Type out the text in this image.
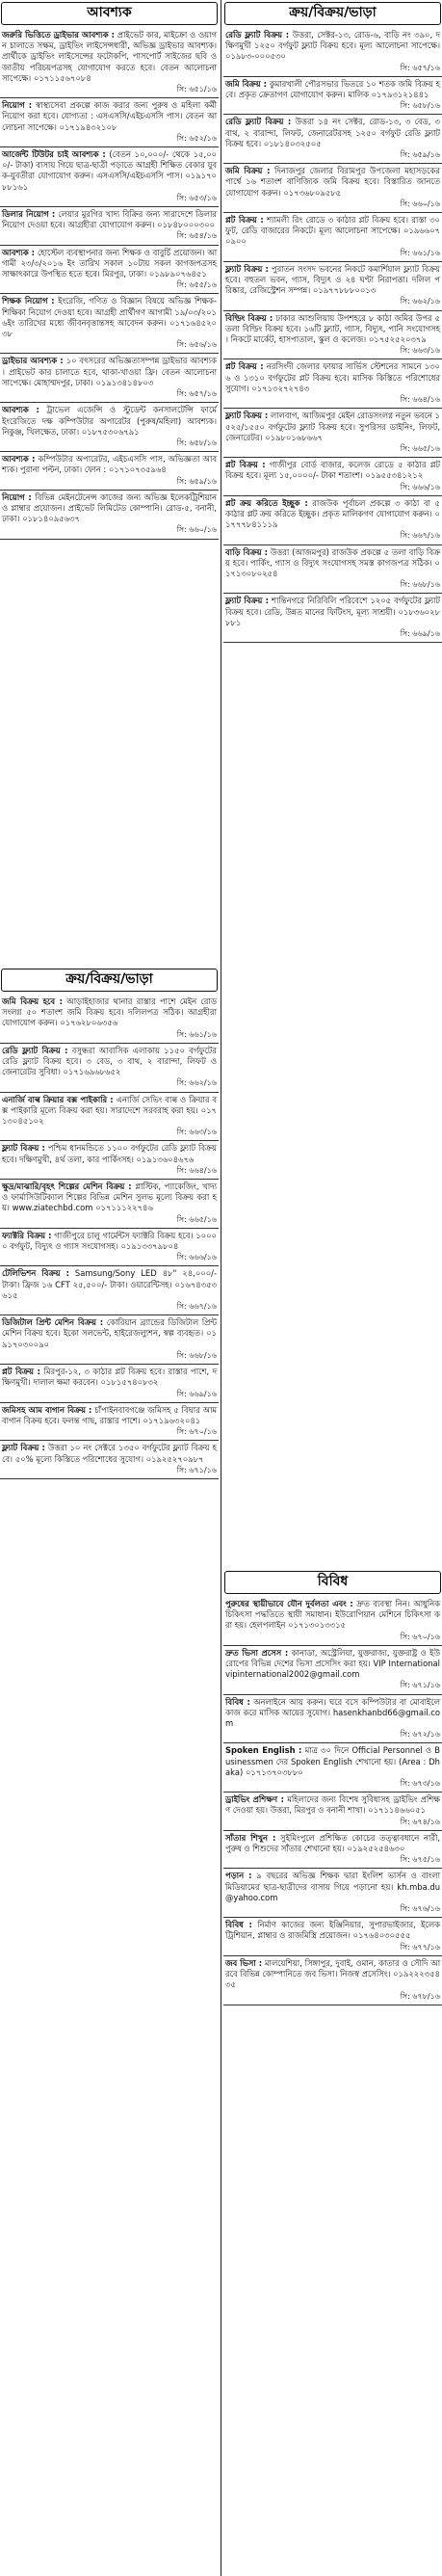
আবশ্যক
জরুরি ভিত্তিতে ড্রাইভার আবশ্যক : প্রাইভেট কার, মাইক্রো ও ওয়াগন চালাতে সক্ষম, ড্রাইভিং লাইসেন্সধারী, অভিজ্ঞ ড্রাইভার আবশ্যক। প্রার্থীকে ড্রাইভিং লাইসেন্সের ফটোকপি, পাসপোর্ট সাইজের ছবি ও জাতীয় পরিচয়পত্রসহ যোগাযোগ করতে হবে। বেতন আলোচনা সাপেক্ষে। ০১৭১১৫৬৭০৮৪
সি: ৬৫১/১৬
নিয়োগ : স্বাস্থ্যসেবা প্রকল্পে কাজ করার জন্য পুরুষ ও মহিলা কর্মী নিয়োগ করা হবে। যোগ্যতা : এসএসসি/এইচএসসি পাস। বেতন আলোচনা সাপেক্ষে। ০১৭১৯৪৩২১০৮
সি: ৬৫২/১৬
আর্জেন্ট টিউটর চাই আবশ্যক : (বেতন ১০,০০০/- থেকে ১৫,০০০/- টাকা) বাসায় গিয়ে ছাত্র-ছাত্রী পড়াতে আগ্রহী শিক্ষিত বেকার যুবক-যুবতীরা যোগাযোগ করুন। এসএসসি/এইচএসসি পাস। ০১৯১৭০৮৮১৬১
সি: ৬৫৩/১৬
ডিলার নিয়োগ : লেয়ার মুরগির খাদ্য বিক্রির জন্য সারাদেশে ডিলার নিয়োগ দেওয়া হবে। আগ্রহীরা যোগাযোগ করুন। ০১৮৪৮০০০৩০০
সি: ৬৫৪/১৬
আবশ্যক : হোস্টেল ব্যবস্থাপনার জন্য শিক্ষক ও বাবুর্চি প্রয়োজন। আগামী ২৩/৩/২০১৬ ইং তারিখ সকাল ১০টায় সকল কাগজপত্রসহ সাক্ষাৎকারে উপস্থিত হতে হবে। মিরপুর, ঢাকা। ০১৯৮৯০৭৬৪৫১
সি: ৬৫৫/১৬
শিক্ষক নিয়োগ : ইংরেজি, গণিত ও বিজ্ঞান বিষয়ে অভিজ্ঞ শিক্ষক-শিক্ষিকা নিয়োগ দেওয়া হবে। আগ্রহী প্রার্থীগণ আগামী ১৯/০৩/২০১৬ইং তারিখের মধ্যে জীবনবৃত্তান্তসহ আবেদন করুন। ০১৭১৬৪৫২০৩৮
সি: ৬৫৬/১৬
ড্রাইভার আবশ্যক : ১০ বৎসরের অভিজ্ঞতাসম্পন্ন ড্রাইভার আবশ্যক। প্রাইভেট কার চালাতে হবে, থাকা-খাওয়া ফ্রি। বেতন আলোচনা সাপেক্ষে। মোহাম্মদপুর, ঢাকা। ০১৯১৩৪১৪৮০৩
সি: ৬৫৭/১৬
আবশ্যক : ট্রাভেল এজেন্সি ও স্টুডেন্ট কনসালটেন্সি ফার্মে ইংরেজিতে দক্ষ কম্পিউটার অপারেটর (পুরুষ/মহিলা) আবশ্যক। নিকুঞ্জ, খিলক্ষেত, ঢাকা। ০১৮৭৫৩০৬৭৯১
সি: ৬৫৮/১৬
আবশ্যক : কম্পিউটার অপারেটর, এইচএসসি পাস, অভিজ্ঞতা আবশ্যক। পুরানা পল্টন, ঢাকা। ফোন : ০১৭১০৭৩৫৯৬৪
সি: ৬৫৯/১৬
নিয়োগ : বিভিন্ন মেইনটেনেন্স কাজের জন্য অভিজ্ঞ ইলেকট্রিশিয়ান ও প্লাম্বার প্রয়োজন। প্রাইভেট লিমিটেড কোম্পানি। রোড-৫, বনানী, ঢাকা। ০১৮১৪০৯৫৬৩৭
সি: ৬৬০/১৬
ক্রয়/বিক্রয়/ভাড়া
জমি বিক্রয় হবে : আড়াইহাজার থানার রাস্তার পাশে মেইন রোডসংলগ্ন ৫০ শতাংশ জমি বিক্রয় হবে। দলিলপত্র সঠিক। আগ্রহীরা যোগাযোগ করুন। ০১৭৬২৮০৬৩৫৬
সি: ৬৬১/১৬
রেডি ফ্ল্যাট বিক্রয় : বসুন্ধরা আবাসিক এলাকায় ১১৫০ বর্গফুটের রেডি ফ্ল্যাট বিক্রয় হবে। ৩ বেড, ৩ বাথ, ২ বারান্দা, লিফট ও জেনারেটর সুবিধা। ০১৭১৬৯৬৮৬৫২
সি: ৬৬২/১৬
এনার্জি বাল্ব ক্রিয়ার বক্স পাইকারি : এনার্জি সেভিং বাল্ব ও ক্রিয়ার বক্স পাইকারি মূল্যে বিক্রয় করা হয়। সারাদেশে সরবরাহ করা হয়। ০১৭১৩০৪৫১০২
সি: ৬৬৩/১৬
ফ্ল্যাট বিক্রয় : পশ্চিম ধানমন্ডিতে ১১০০ বর্গফুটের রেডি ফ্ল্যাট বিক্রয় হবে। দক্ষিণমুখী, ৪র্থ তলা, কার পার্কিংসহ। ০১৯১৩৬০৪৬৭৬
সি: ৬৬৪/১৬
ক্ষুদ্র/মাঝারি/বৃহৎ শিল্পের মেশিন বিক্রয় : প্লাস্টিক, প্যাকেজিং, খাদ্য ও ফার্মাসিউটিক্যাল শিল্পের বিভিন্ন মেশিন সুলভ মূল্যে বিক্রয় করা হয়। www.ziatechbd.com ০১৭১১১২২৭৪৬
সি: ৬৬৫/১৬
ফ্যাক্টরি বিক্রয় : গাজীপুরে চালু গার্মেন্টস ফ্যাক্টরি বিক্রয় হবে। ১০০০০ বর্গফুট, বিদ্যুৎ ও গ্যাস সংযোগসহ। ০১৯১৩৩৭৯৮০৪
সি: ৬৬৬/১৬
টেলিভিশন বিক্রয় : Samsung/Sony LED ৪৮" ২৪,০০০/- টাকা। ফ্রিজ ১৬ CFT ২৫,৫০০/- টাকা। ওয়ারেন্টিসহ। ০১৬৭৪৩৫৩৬১৫
সি: ৬৬৭/১৬
ডিজিটাল প্রিন্ট মেশিন বিক্রয় : কোরিয়ান ব্র্যান্ডের ডিজিটাল প্রিন্ট মেশিন বিক্রয় হবে। ইকো সলভেন্ট, হাইরেজল্যুশন, স্বল্প ব্যবহৃত। ০১৯১৭০৩০০৯০
সি: ৬৬৮/১৬
প্লট বিক্রয় : মিরপুর-১২, ৩ কাঠার প্লট বিক্রয় হবে। রাস্তার পাশে, দক্ষিণমুখী। দালাল ক্ষমা করবেন। ০১৮১৫৭৪০৮৩২
সি: ৬৬৯/১৬
জমিসহ আম বাগান বিক্রয় : চাঁপাইনবাবগঞ্জে জমিসহ ৫ বিঘার আম বাগান বিক্রয় হবে। ফলন্ত গাছ, রাস্তার পাশে। ০১৭১৯৬৩২০৪১
সি: ৬৭০/১৬
ফ্ল্যাট বিক্রয় : উত্তরা ১০ নং সেক্টরে ১৩৫০ বর্গফুটের ফ্ল্যাট বিক্রয় হবে। ৫০% মূল্যে কিস্তিতে পরিশোধের সুযোগ। ০১৯২৫২৭০৯৮৭
সি: ৬৭১/১৬
ক্রয়/বিক্রয়/ভাড়া
রেডি ফ্ল্যাট বিক্রয় : উত্তরা, সেক্টর-১৩, রোড-৬, বাড়ি নং ৩৯০, দক্ষিণমুখী ১২৫০ বর্গফুট ফ্ল্যাট বিক্রয় হবে। মূল্য আলোচনা সাপেক্ষে। ০১৯৮৩-০০০৫৩০
সি: ৬৫৭/১৬
জমি বিক্রয় : কুমারখালী পৌরসভার ভিতরে ১০ শতক জমি বিক্রয় হবে। প্রকৃত ক্রেতাগণ যোগাযোগ করুন। মালিক ০১৭৯৩১২১৪৪১
সি: ৬৫৮/১৬
রেডি ফ্ল্যাট বিক্রয় : উত্তরা ১৪ নং সেক্টর, রোড-১৩, ৩ বেড, ৩ বাথ, ২ বারান্দা, লিফট, জেনারেটরসহ ১২৫০ বর্গফুট রেডি ফ্ল্যাট বিক্রয় হবে। ০১৮১৪০৩২৫০৫
সি: ৬৫৯/১৬
জমি বিক্রয় : দিনাজপুর জেলার বিরামপুর উপজেলা মহাসড়কের পার্শ্বে ১৬ শতাংশ বাণিজ্যিক জমি বিক্রয় হবে। বিস্তারিত জানতে যোগাযোগ করুন। ০১৭৩৬৮০৯৫৮৫
সি: ৬৬০/১৬
প্লট বিক্রয় : শ্যামলী রিং রোডে ৩ কাঠার প্লট বিক্রয় হবে। রাস্তা ৩০ ফুট, রেডি বাজারের নিকটে। মূল্য আলোচনা সাপেক্ষে। ০১৯৬৬০৭০৯০০
সি: ৬৬১/১৬
ফ্ল্যাট বিক্রয় : পুরাতন সংসদ ভবনের নিকটে কমার্শিয়াল ফ্ল্যাট বিক্রয় হবে। বহুতল ভবন, গ্যাস, বিদ্যুৎ ও ২৪ ঘণ্টা নিরাপত্তা। দলিল পরিষ্কার, রেজিস্ট্রেশন সম্পন্ন। ০১৯৭৭৮৮৮০০১৩
সি: ৬৬২/১৬
বিল্ডিং বিক্রয় : ঢাকার আশুলিয়ায় উপশহরে ৮ কাঠা জমির উপর ৫ তলা বিল্ডিং বিক্রয় হবে। ১৬টি ফ্ল্যাট, গ্যাস, বিদ্যুৎ, পানি সংযোগসহ। নিকটে মার্কেট, হাসপাতাল, স্কুল ও কলেজ। ০১৭৫২৫২০৩৭৯
সি: ৬৬৩/১৬
প্লট বিক্রয় : নরসিংদী জেলার ফায়ার সার্ভিস স্টেশনের সামনে ১৩০৬ ও ১৩১০ বর্গফুটের প্লট বিক্রয় হবে। মাসিক কিস্তিতে পরিশোধের সুযোগ। ০১৭১৩২৭২৭৪৩
সি: ৬৬৪/১৬
ফ্ল্যাট বিক্রয় : লালবাগ, আজিমপুর মেইন রোডসংলগ্ন নতুন ভবনে ১৫২৫/১৫৫০ বর্গফুটের ফ্ল্যাট বিক্রয় হবে। সুপরিসর ডাইনিং, লিফট, জেনারেটর। ০১৯৮০১৬৮৬৬৭
সি: ৬৬৫/১৬
প্লট বিক্রয় : গাজীপুর বোর্ড বাজার, কলেজ রোডে ৫ কাঠার প্লট বিক্রয় হবে। মূল্য ১৫,০০০০/- টাকা শতাংশ। ০১৯৫৫৩৪১২১২
সি: ৬৬৬/১৬
প্লট ক্রয় করিতে ইচ্ছুক : রাজউক পূর্বাচল প্রকল্পে ৩ কাঠা বা ৫ কাঠার প্লট ক্রয় করিতে ইচ্ছুক। প্রকৃত মালিকগণ যোগাযোগ করুন। ০১৭৭৭৮৪১১১৯
সি: ৬৬৭/১৬
বাড়ি বিক্রয় : উত্তরা (আজমপুর) রাজউক প্রকল্পে ৫ তলা বাড়ি বিক্রয় হবে। পার্কিং, গ্যাস ও বিদ্যুৎ সংযোগসহ সমস্ত কাগজপত্র সঠিক। ০১৭১৩০৮০২৫৪
সি: ৬৬৮/১৬
ফ্ল্যাট বিক্রয় : শান্তিনগরে নিরিবিলি পরিবেশে ১২০৫ বর্গফুটের ফ্ল্যাট বিক্রয় হবে। রেডি, উন্নত মানের ফিটিংস, মূল্য সাশ্রয়ী। ০১৮৩৬০২৮৮৮১
সি: ৬৬৯/১৬
বিবিধ
পুরুষের স্থায়ীভাবে যৌন দুর্বলতা এবং : দ্রুত ব্যবস্থা নিন। আধুনিক চিকিৎসা পদ্ধতিতে স্থায়ী সমাধান। ইউরোপিয়ান মেশিনে চিকিৎসা করা হয়। হেলপলাইন ০১৭১৩০১৩৩১৫
সি: ৬৭০/১৬
দ্রুত ভিসা প্রসেস : কানাডা, অস্ট্রেলিয়া, যুক্তরাজ্য, যুক্তরাষ্ট্র ও ইউরোপের বিভিন্ন দেশের ভিসা প্রসেসিং করা হয়। VIP International vipinternational2002@gmail.com
সি: ৬৭১/১৬
বিবিধ : অনলাইনে আয় করুন। ঘরে বসে কম্পিউটার বা মোবাইলে কাজ করে মাসিক আয়ের সুযোগ। hasenkhanbd66@gmail.com
সি: ৬৭২/১৬
Spoken English : মাত্র ৩০ দিনে Official Personnel ও Businessmen দের Spoken English শেখানো হয়। (Area : Dhaka) ০১৭১৩৭০৩৮৮০
সি: ৬৭৩/১৬
ড্রাইভিং প্রশিক্ষণ : মহিলাদের জন্য বিশেষ সুবিধাসহ ড্রাইভিং প্রশিক্ষণ দেওয়া হয়। উত্তরা, মিরপুর ও বনানী শাখা। ০১৭১১৪৬৬০৫১
সি: ৬৭৪/১৬
সাঁতার শিখুন : সুইমিংপুলে প্রশিক্ষিত কোচের তত্ত্বাবধানে নারী, পুরুষ ও শিশুদের সাঁতার শেখানো হয়। ০১৯২৫২৫৪৬৩০
সি: ৬৭৫/১৬
পড়ান : ৯ বছরের অভিজ্ঞ শিক্ষক দ্বারা ইংলিশ ভার্সন ও বাংলা মিডিয়ামের ছাত্র-ছাত্রীদের বাসায় গিয়ে পড়ানো হয়। kh.mba.du@yahoo.com
সি: ৬৭৬/১৬
বিবিধ : নির্মাণ কাজের জন্য ইঞ্জিনিয়ার, সুপারভাইজার, ইলেকট্রিশিয়ান, প্লাম্বার ও রাজমিস্ত্রি প্রয়োজন। ০১৭৬৪০৩০৫৫৫
সি: ৬৭৭/১৬
জব ভিসা : মালয়েশিয়া, সিঙ্গাপুর, দুবাই, ওমান, কাতার ও সৌদি আরবে বিভিন্ন কোম্পানিতে জব ভিসা। নিজস্ব প্রসেসিং। ০১৯২২২৩৫৪৩৫
সি: ৬৭৮/১৬
